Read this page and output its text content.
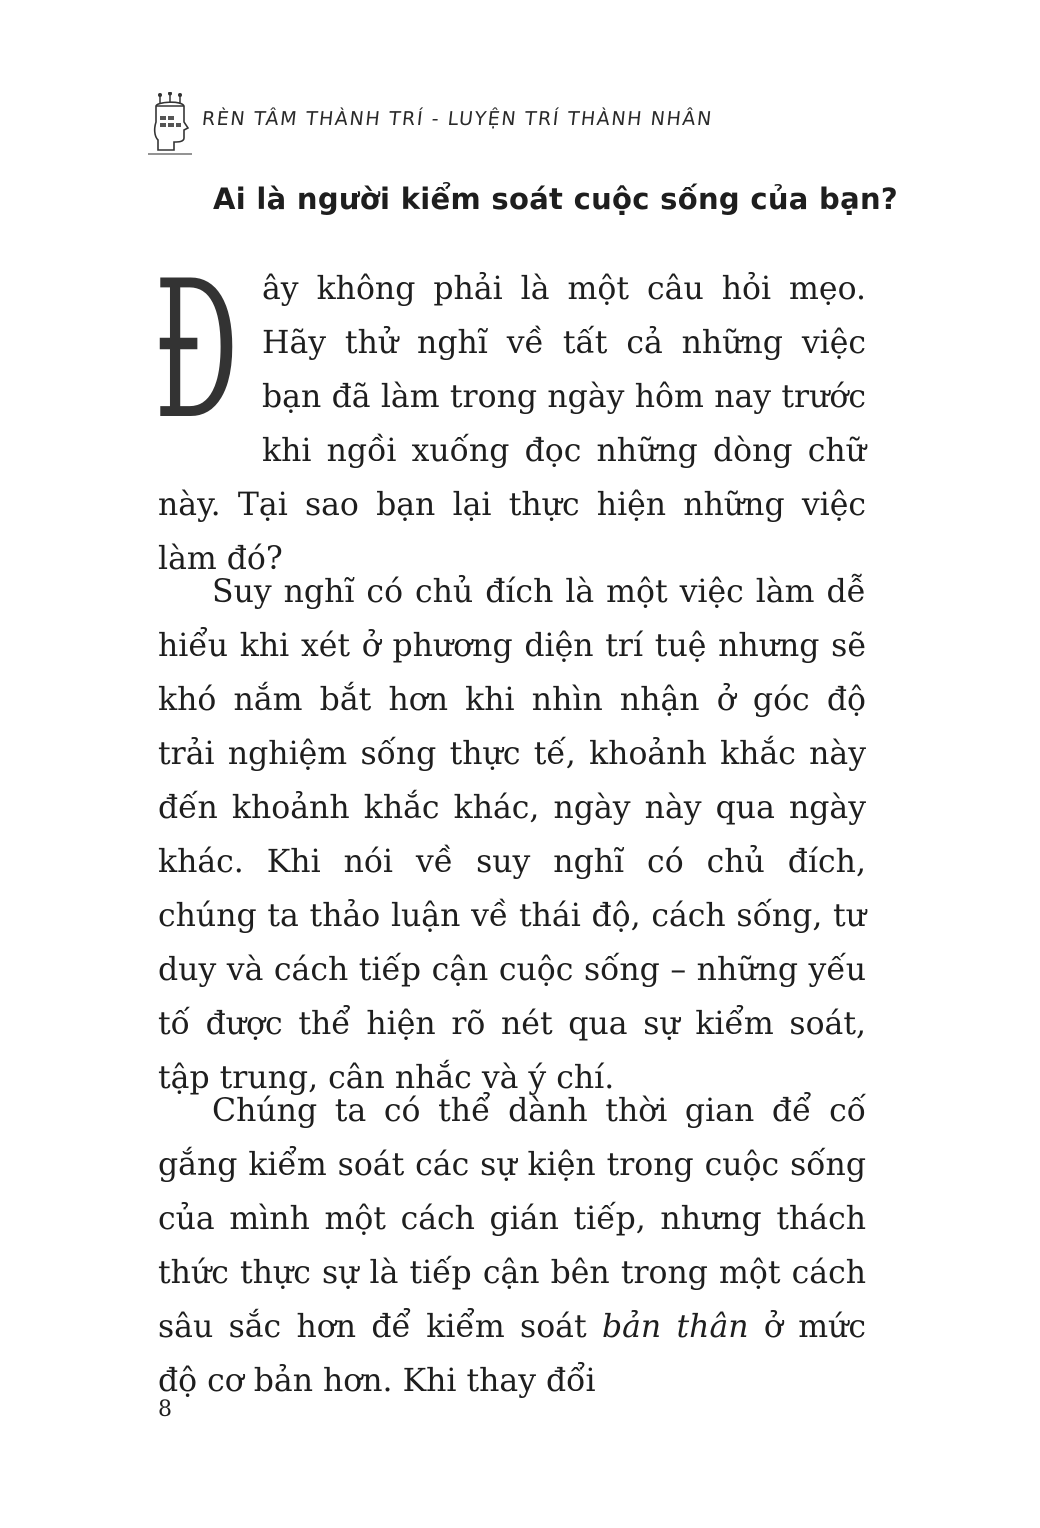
RÈN TÂM THÀNH TRÍ - LUYỆN TRÍ THÀNH NHÂN
Ai là người kiểm soát cuộc sống của bạn?

Đây không phải là một câu hỏi mẹo. Hãy thử nghĩ về tất cả những việc bạn đã làm trong ngày hôm nay trước khi ngồi xuống đọc những dòng chữ này. Tại sao bạn lại thực hiện những việc làm đó?

Suy nghĩ có chủ đích là một việc làm dễ hiểu khi xét ở phương diện trí tuệ nhưng sẽ khó nắm bắt hơn khi nhìn nhận ở góc độ trải nghiệm sống thực tế, khoảnh khắc này đến khoảnh khắc khác, ngày này qua ngày khác. Khi nói về suy nghĩ có chủ đích, chúng ta thảo luận về thái độ, cách sống, tư duy và cách tiếp cận cuộc sống – những yếu tố được thể hiện rõ nét qua sự kiểm soát, tập trung, cân nhắc và ý chí.

Chúng ta có thể dành thời gian để cố gắng kiểm soát các sự kiện trong cuộc sống của mình một cách gián tiếp, nhưng thách thức thực sự là tiếp cận bên trong một cách sâu sắc hơn để kiểm soát bản thân ở mức độ cơ bản hơn. Khi thay đổi

8
